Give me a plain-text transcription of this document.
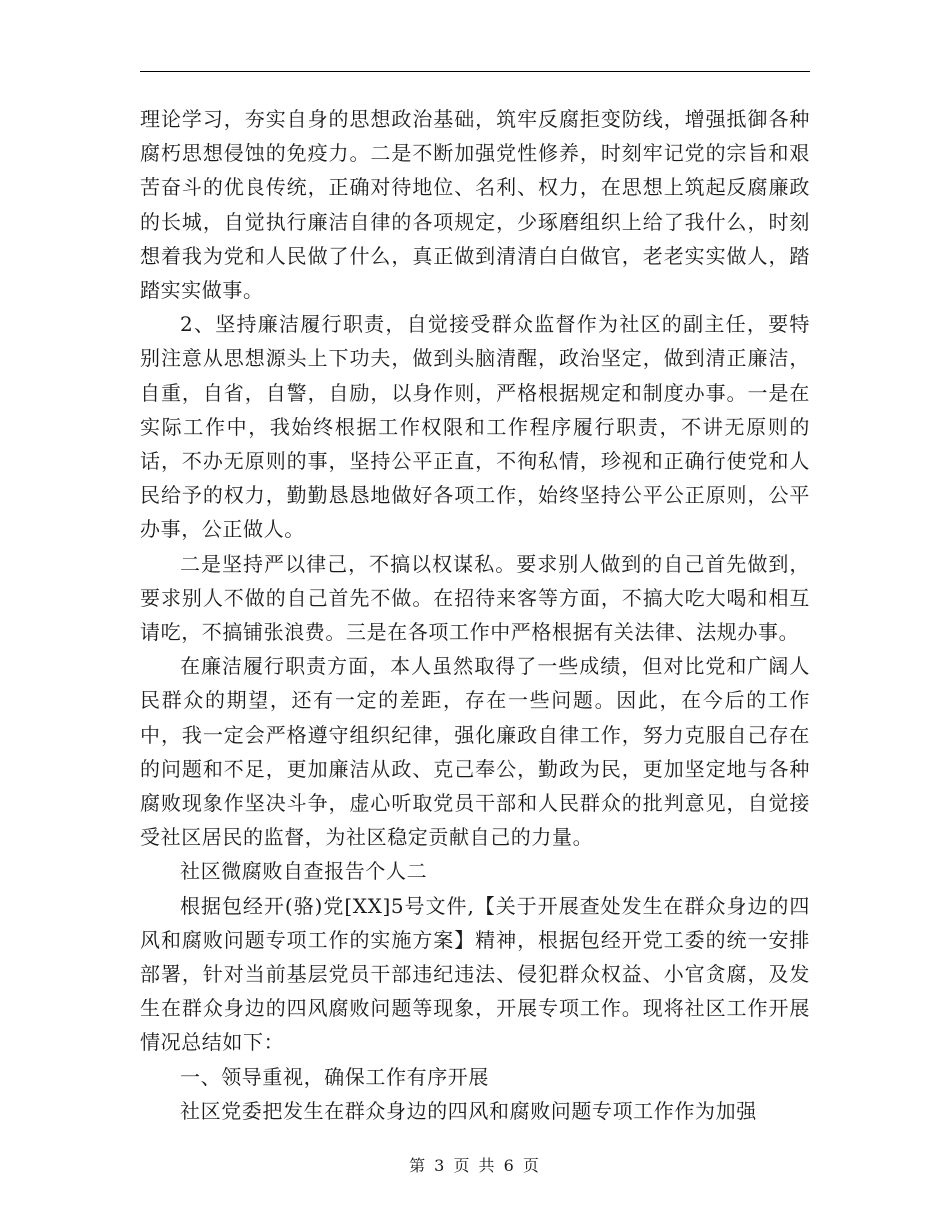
理论学习，夯实自身的思想政治基础，筑牢反腐拒变防线，增强抵御各种腐朽思想侵蚀的免疫力。二是不断加强党性修养，时刻牢记党的宗旨和艰苦奋斗的优良传统，正确对待地位、名利、权力，在思想上筑起反腐廉政的长城，自觉执行廉洁自律的各项规定，少琢磨组织上给了我什么，时刻想着我为党和人民做了什么，真正做到清清白白做官，老老实实做人，踏踏实实做事。

2、坚持廉洁履行职责，自觉接受群众监督作为社区的副主任，要特别注意从思想源头上下功夫，做到头脑清醒，政治坚定，做到清正廉洁，自重，自省，自警，自励，以身作则，严格根据规定和制度办事。一是在实际工作中，我始终根据工作权限和工作程序履行职责，不讲无原则的话，不办无原则的事，坚持公平正直，不徇私情，珍视和正确行使党和人民给予的权力，勤勤恳恳地做好各项工作，始终坚持公平公正原则，公平办事，公正做人。

二是坚持严以律己，不搞以权谋私。要求别人做到的自己首先做到，要求别人不做的自己首先不做。在招待来客等方面，不搞大吃大喝和相互请吃，不搞铺张浪费。三是在各项工作中严格根据有关法律、法规办事。

在廉洁履行职责方面，本人虽然取得了一些成绩，但对比党和广阔人民群众的期望，还有一定的差距，存在一些问题。因此，在今后的工作中，我一定会严格遵守组织纪律，强化廉政自律工作，努力克服自己存在的问题和不足，更加廉洁从政、克己奉公，勤政为民，更加坚定地与各种腐败现象作坚决斗争，虚心听取党员干部和人民群众的批判意见，自觉接受社区居民的监督，为社区稳定贡献自己的力量。

社区微腐败自查报告个人二

根据包经开(骆)党[XX]5号文件,【关于开展查处发生在群众身边的四风和腐败问题专项工作的实施方案】精神，根据包经开党工委的统一安排部署，针对当前基层党员干部违纪违法、侵犯群众权益、小官贪腐，及发生在群众身边的四风腐败问题等现象，开展专项工作。现将社区工作开展情况总结如下：

一、领导重视，确保工作有序开展

社区党委把发生在群众身边的四风和腐败问题专项工作作为加强

第 3 页 共 6 页
